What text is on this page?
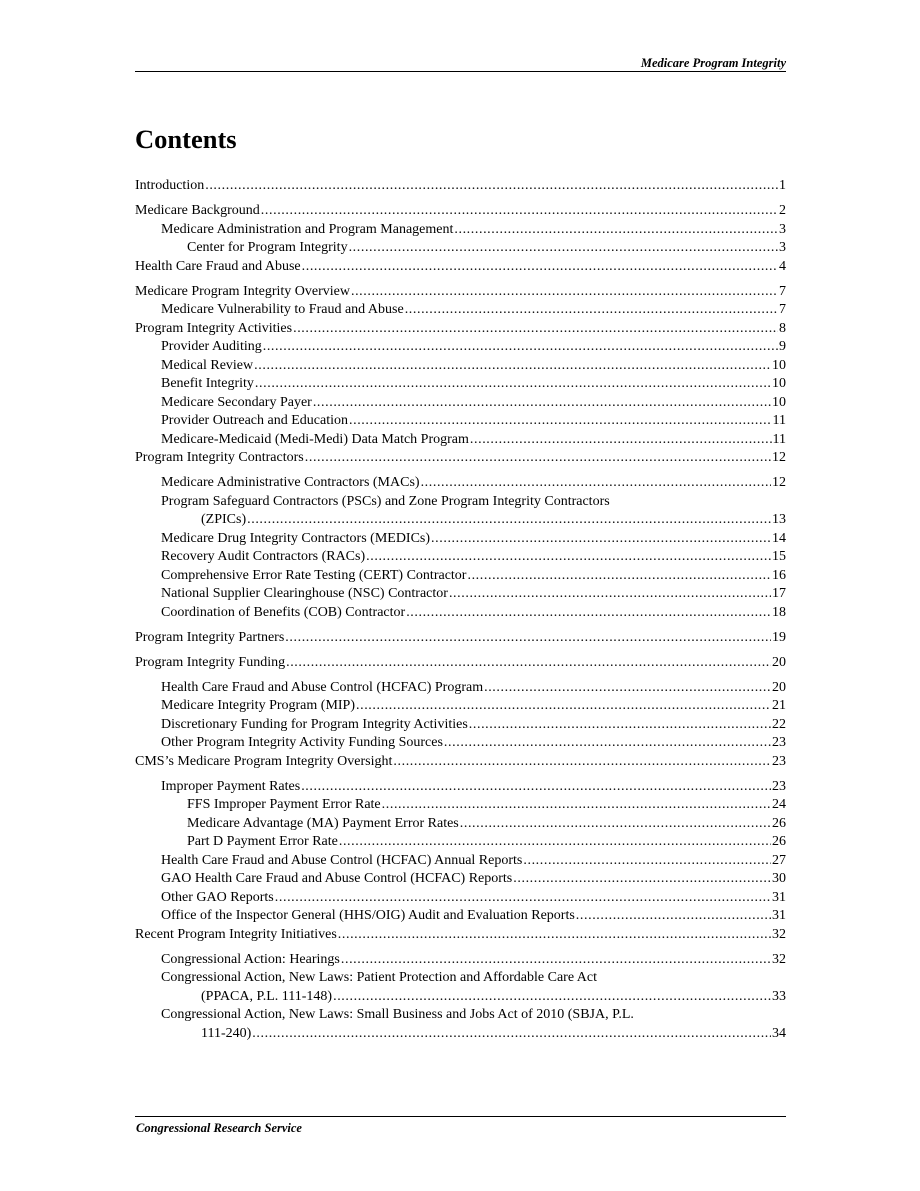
Medicare Program Integrity
Contents
Introduction .....	1
Medicare Background .....	2
Medicare Administration and Program Management .....	3
Center for Program Integrity .....	3
Health Care Fraud and Abuse .....	4
Medicare Program Integrity Overview .....	7
Medicare Vulnerability to Fraud and Abuse .....	7
Program Integrity Activities .....	8
Provider Auditing .....	9
Medical Review .....	10
Benefit Integrity .....	10
Medicare Secondary Payer .....	10
Provider Outreach and Education .....	11
Medicare-Medicaid (Medi-Medi) Data Match Program .....	11
Program Integrity Contractors .....	12
Medicare Administrative Contractors (MACs) .....	12
Program Safeguard Contractors (PSCs) and Zone Program Integrity Contractors
(ZPICs) .....	13
Medicare Drug Integrity Contractors (MEDICs) .....	14
Recovery Audit Contractors (RACs) .....	15
Comprehensive Error Rate Testing (CERT) Contractor .....	16
National Supplier Clearinghouse (NSC) Contractor .....	17
Coordination of Benefits (COB) Contractor .....	18
Program Integrity Partners .....	19
Program Integrity Funding .....	20
Health Care Fraud and Abuse Control (HCFAC) Program .....	20
Medicare Integrity Program (MIP) .....	21
Discretionary Funding for Program Integrity Activities .....	22
Other Program Integrity Activity Funding Sources .....	23
CMS’s Medicare Program Integrity Oversight .....	23
Improper Payment Rates .....	23
FFS Improper Payment Error Rate .....	24
Medicare Advantage (MA) Payment Error Rates .....	26
Part D Payment Error Rate .....	26
Health Care Fraud and Abuse Control (HCFAC) Annual Reports .....	27
GAO Health Care Fraud and Abuse Control (HCFAC) Reports .....	30
Other GAO Reports .....	31
Office of the Inspector General (HHS/OIG) Audit and Evaluation Reports .....	31
Recent Program Integrity Initiatives .....	32
Congressional Action: Hearings .....	32
Congressional Action, New Laws: Patient Protection and Affordable Care Act
(PPACA, P.L. 111-148) .....	33
Congressional Action, New Laws: Small Business and Jobs Act of 2010 (SBJA, P.L.
111-240) .....	34
Congressional Research Service
